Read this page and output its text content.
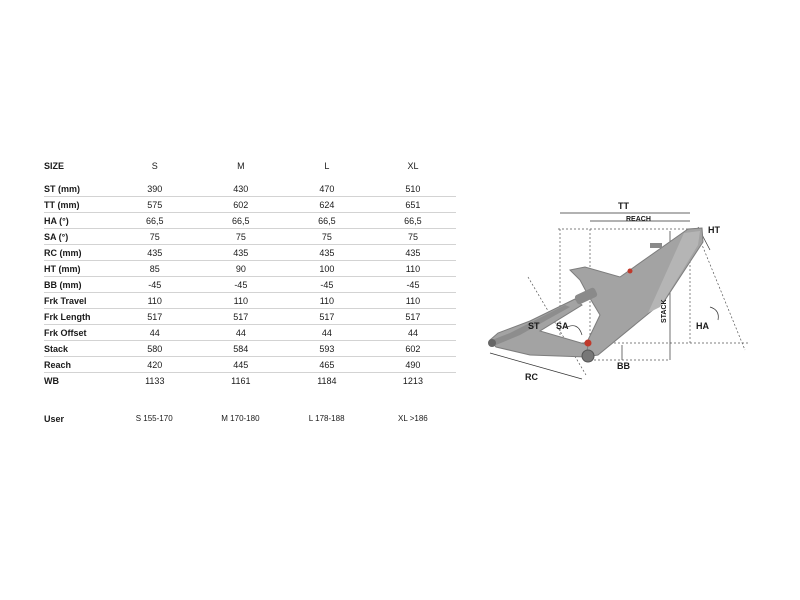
SIZE	S	M	L	XL

ST (mm)	390	430	470	510
TT (mm)	575	602	624	651
HA (°)	66,5	66,5	66,5	66,5
SA (°)	75	75	75	75
RC (mm)	435	435	435	435
HT (mm)	85	90	100	110
BB (mm)	-45	-45	-45	-45
Frk Travel	110	110	110	110
Frk Length	517	517	517	517
Frk Offset	44	44	44	44
Stack	580	584	593	602
Reach	420	445	465	490
WB	1133	1161	1184	1213
User	S 155-170	M 170-180	L 178-188	XL >186
TT
REACH
HT
ST SA
STACK
HA
RC
BB
